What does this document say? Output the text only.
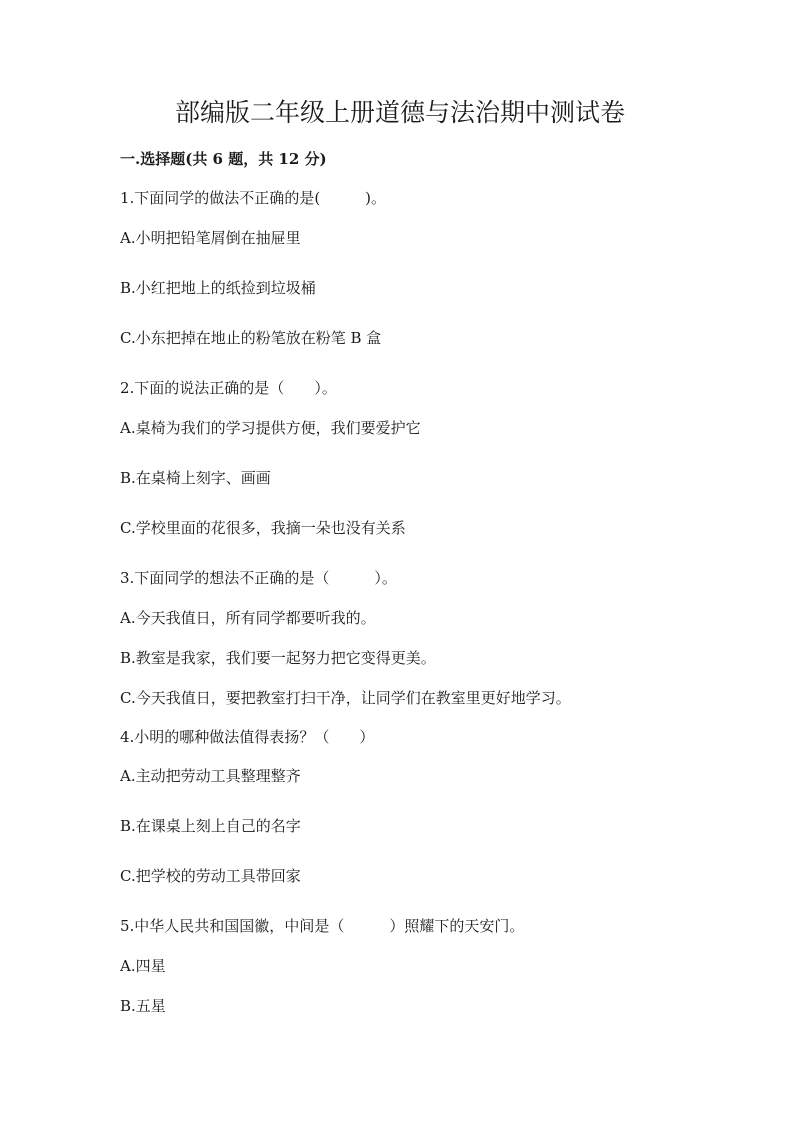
部编版二年级上册道德与法治期中测试卷
一.选择题(共 6 题，共 12 分)
1.下面同学的做法不正确的是(　　　)。
A.小明把铅笔屑倒在抽屉里
B.小红把地上的纸捡到垃圾桶
C.小东把掉在地止的粉笔放在粉笔 B 盒
2.下面的说法正确的是（　　）。
A.桌椅为我们的学习提供方便，我们要爱护它
B.在桌椅上刻字、画画
C.学校里面的花很多，我摘一朵也没有关系
3.下面同学的想法不正确的是（　　　）。
A.今天我值日，所有同学都要听我的。
B.教室是我家，我们要一起努力把它变得更美。
C.今天我值日，要把教室打扫干净，让同学们在教室里更好地学习。
4.小明的哪种做法值得表扬？（　　）
A.主动把劳动工具整理整齐
B.在课桌上刻上自己的名字
C.把学校的劳动工具带回家
5.中华人民共和国国徽，中间是（　　　）照耀下的天安门。
A.四星
B.五星
